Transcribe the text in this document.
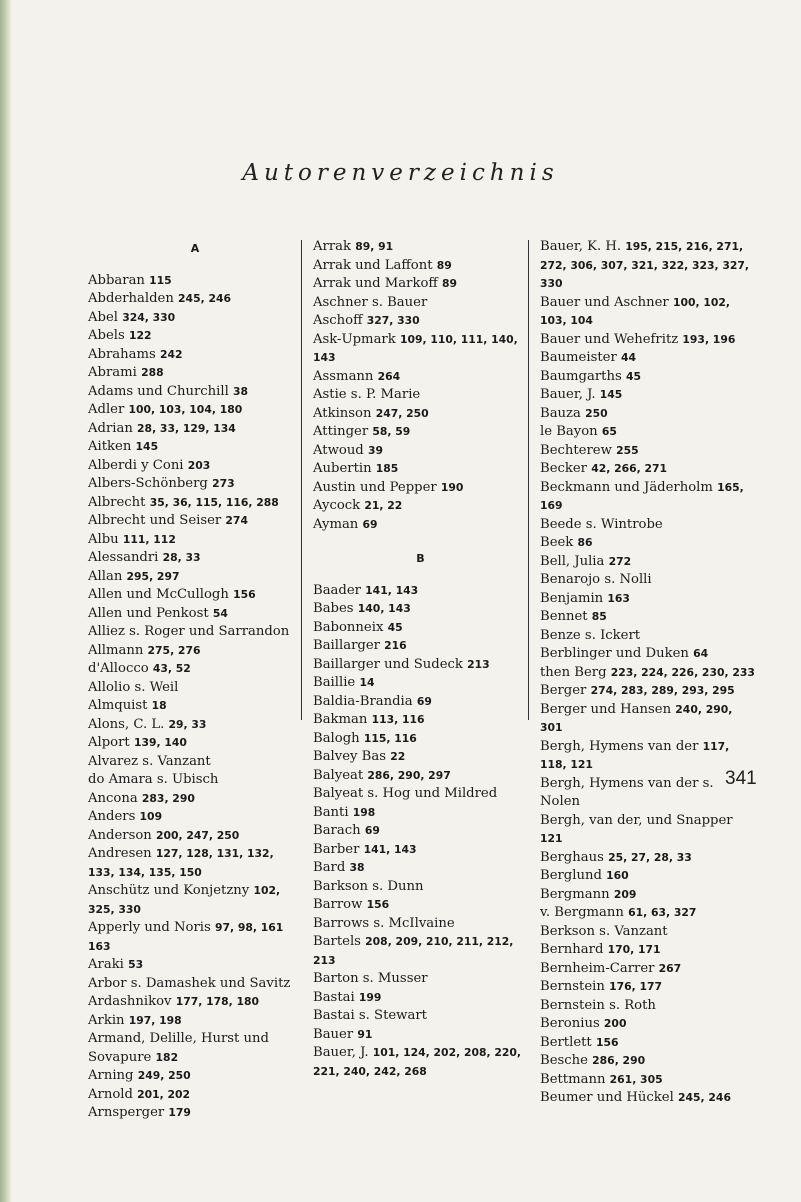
Autorenverzeichnis
A
Abbaran 115
Abderhalden 245, 246
Abel 324, 330
Abels 122
Abrahams 242
Abrami 288
Adams und Churchill 38
Adler 100, 103, 104, 180
Adrian 28, 33, 129, 134
Aitken 145
Alberdi y Coni 203
Albers-Schönberg 273
Albrecht 35, 36, 115, 116, 288
Albrecht und Seiser 274
Albu 111, 112
Alessandri 28, 33
Allan 295, 297
Allen und McCullogh 156
Allen und Penkost 54
Alliez s. Roger und Sarrandon
Allmann 275, 276
d'Allocco 43, 52
Allolio s. Weil
Almquist 18
Alons, C. L. 29, 33
Alport 139, 140
Alvarez s. Vanzant
do Amara s. Ubisch
Ancona 283, 290
Anders 109
Anderson 200, 247, 250
Andresen 127, 128, 131, 132, 133, 134, 135, 150
Anschütz und Konjetzny 102, 325, 330
Apperly und Noris 97, 98, 161 163
Araki 53
Arbor s. Damashek und Savitz
Ardashnikov 177, 178, 180
Arkin 197, 198
Armand, Delille, Hurst und Sovapure 182
Arning 249, 250
Arnold 201, 202
Arnsperger 179
Arrak 89, 91
Arrak und Laffont 89
Arrak und Markoff 89
Aschner s. Bauer
Aschoff 327, 330
Ask-Upmark 109, 110, 111, 140, 143
Assmann 264
Astie s. P. Marie
Atkinson 247, 250
Attinger 58, 59
Atwoud 39
Aubertin 185
Austin und Pepper 190
Aycock 21, 22
Ayman 69
B
Baader 141, 143
Babes 140, 143
Babonneix 45
Baillarger 216
Baillarger und Sudeck 213
Baillie 14
Baldia-Brandia 69
Bakman 113, 116
Balogh 115, 116
Balvey Bas 22
Balyeat 286, 290, 297
Balyeat s. Hog und Mildred
Banti 198
Barach 69
Barber 141, 143
Bard 38
Barkson s. Dunn
Barrow 156
Barrows s. McIlvaine
Bartels 208, 209, 210, 211, 212, 213
Barton s. Musser
Bastai 199
Bastai s. Stewart
Bauer 91
Bauer, J. 101, 124, 202, 208, 220, 221, 240, 242, 268
Bauer, K. H. 195, 215, 216, 271, 272, 306, 307, 321, 322, 323, 327, 330
Bauer und Aschner 100, 102, 103, 104
Bauer und Wehefritz 193, 196
Baumeister 44
Baumgarths 45
Bauer, J. 145
Bauza 250
le Bayon 65
Bechterew 255
Becker 42, 266, 271
Beckmann und Jäderholm 165, 169
Beede s. Wintrobe
Beek 86
Bell, Julia 272
Benarojo s. Nolli
Benjamin 163
Bennet 85
Benze s. Ickert
Berblinger und Duken 64
then Berg 223, 224, 226, 230, 233
Berger 274, 283, 289, 293, 295
Berger und Hansen 240, 290, 301
Bergh, Hymens van der 117, 118, 121
Bergh, Hymens van der s. Nolen
Bergh, van der, und Snapper 121
Berghaus 25, 27, 28, 33
Berglund 160
Bergmann 209
v. Bergmann 61, 63, 327
Berkson s. Vanzant
Bernhard 170, 171
Bernheim-Carrer 267
Bernstein 176, 177
Bernstein s. Roth
Beronius 200
Bertlett 156
Besche 286, 290
Bettmann 261, 305
Beumer und Hückel 245, 246
341
